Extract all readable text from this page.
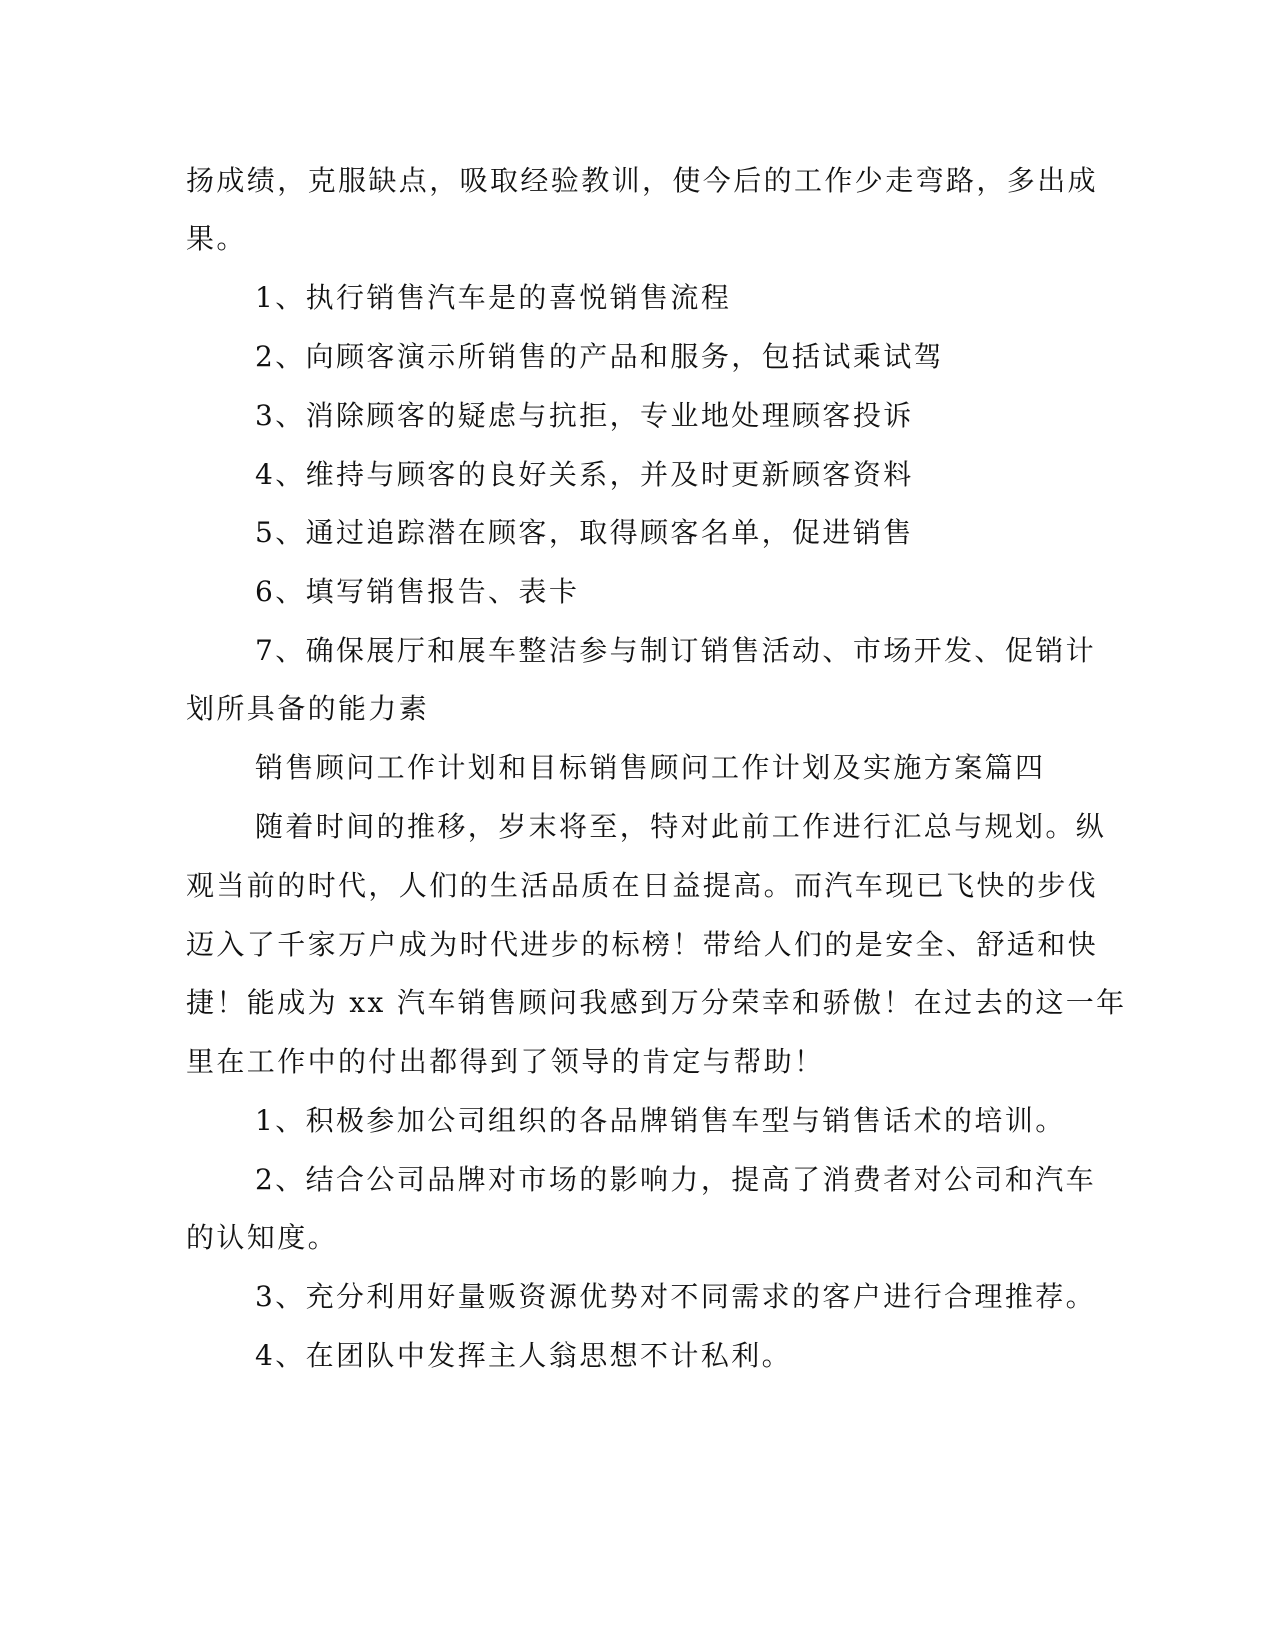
扬成绩，克服缺点，吸取经验教训，使今后的工作少走弯路，多出成
果。
1、执行销售汽车是的喜悦销售流程
2、向顾客演示所销售的产品和服务，包括试乘试驾
3、消除顾客的疑虑与抗拒，专业地处理顾客投诉
4、维持与顾客的良好关系，并及时更新顾客资料
5、通过追踪潜在顾客，取得顾客名单，促进销售
6、填写销售报告、表卡
7、确保展厅和展车整洁参与制订销售活动、市场开发、促销计
划所具备的能力素
销售顾问工作计划和目标销售顾问工作计划及实施方案篇四
随着时间的推移，岁末将至，特对此前工作进行汇总与规划。纵
观当前的时代，人们的生活品质在日益提高。而汽车现已飞快的步伐
迈入了千家万户成为时代进步的标榜！带给人们的是安全、舒适和快
捷！能成为 xx 汽车销售顾问我感到万分荣幸和骄傲！在过去的这一年
里在工作中的付出都得到了领导的肯定与帮助！
1、积极参加公司组织的各品牌销售车型与销售话术的培训。
2、结合公司品牌对市场的影响力，提高了消费者对公司和汽车
的认知度。
3、充分利用好量贩资源优势对不同需求的客户进行合理推荐。
4、在团队中发挥主人翁思想不计私利。
